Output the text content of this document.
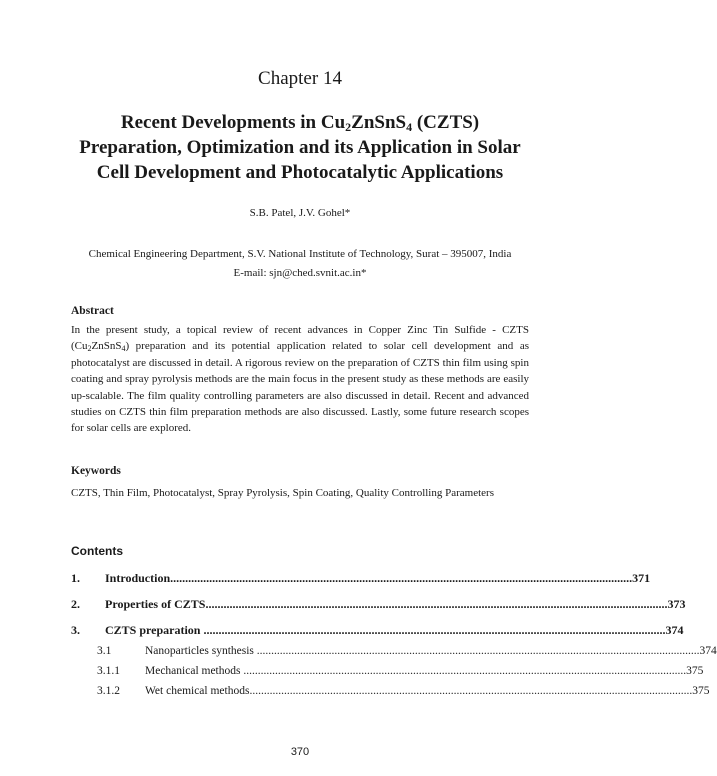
Chapter 14
Recent Developments in $Cu_2ZnSnS_4$ (CZTS)
Preparation, Optimization and its Application in Solar
Cell Development and Photocatalytic Applications
S.B. Patel, J.V. Gohel*
Chemical Engineering Department, S.V. National Institute of Technology, Surat – 395007, India
E-mail: sjn@ched.svnit.ac.in*
Abstract

In the present study, a topical review of recent advances in Copper Zinc Tin Sulfide - CZTS $(Cu_2ZnSnS_4)$ preparation and its potential application related to solar cell development and as photocatalyst are discussed in detail. A rigorous review on the preparation of CZTS thin film using spin coating and spray pyrolysis methods are the main focus in the present study as these methods are easily up-scalable. The film quality controlling parameters are also discussed in detail. Recent and advanced studies on CZTS thin film preparation methods are also discussed. Lastly, some future research scopes for solar cells are explored.

Keywords

CZTS, Thin Film, Photocatalyst, Spray Pyrolysis, Spin Coating, Quality Controlling Parameters

Contents
1.	Introduction .......................................................................................................................................................... 371
2.	Properties of CZTS .......................................................................................................................................................... 373
3.	CZTS preparation .......................................................................................................................................................... 374
3.1	Nanoparticles synthesis .......................................................................................................................................................... 374
3.1.1	Mechanical methods .......................................................................................................................................................... 375
3.1.2	Wet chemical methods .......................................................................................................................................................... 375
370
